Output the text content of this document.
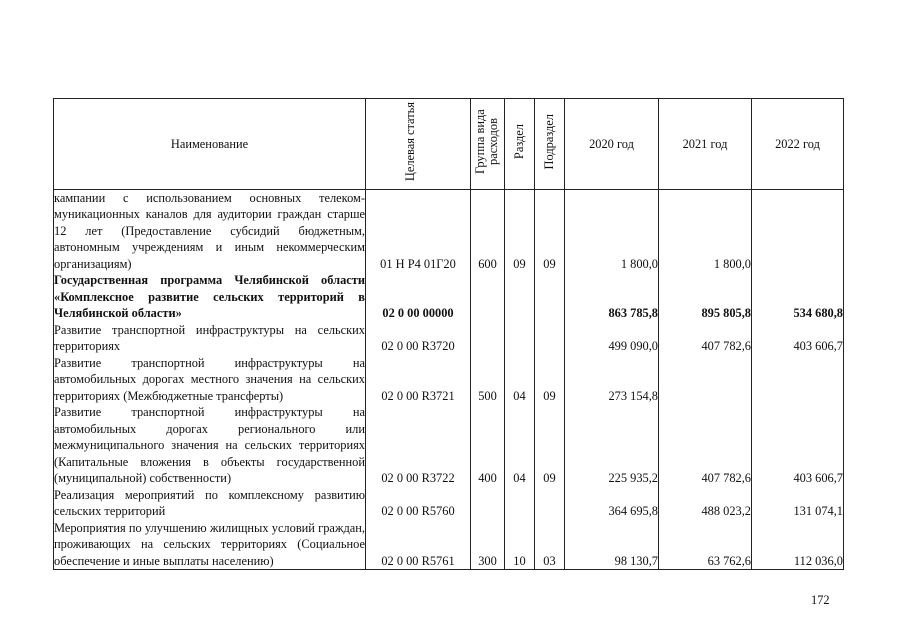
Наименование	Целевая статья	Группа вида расходов	Раздел	Подраздел	2020 год	2021 год	2022 год
кампании с использованием основных телеком-муникационных каналов для аудитории граждан старше 12 лет (Предоставление субсидий бюджетным, автономным учреждениям и иным некоммерческим организациям)	01 Н Р4 01Г20	600	09	09	1 800,0	1 800,0	
Государственная программа Челябинской области «Комплексное развитие сельских территорий в Челябинской области»	02 0 00 00000				863 785,8	895 805,8	534 680,8
Развитие транспортной инфраструктуры на сельских территориях	02 0 00 R3720				499 090,0	407 782,6	403 606,7
Развитие транспортной инфраструктуры на автомобильных дорогах местного значения на сельских территориях (Межбюджетные трансферты)	02 0 00 R3721	500	04	09	273 154,8		
Развитие транспортной инфраструктуры на автомобильных дорогах регионального или межмуниципального значения на сельских территориях (Капитальные вложения в объекты государственной (муниципальной) собственности)	02 0 00 R3722	400	04	09	225 935,2	407 782,6	403 606,7
Реализация мероприятий по комплексному развитию сельских территорий	02 0 00 R5760				364 695,8	488 023,2	131 074,1
Мероприятия по улучшению жилищных условий граждан, проживающих на сельских территориях (Социальное обеспечение и иные выплаты населению)	02 0 00 R5761	300	10	03	98 130,7	63 762,6	112 036,0
172
